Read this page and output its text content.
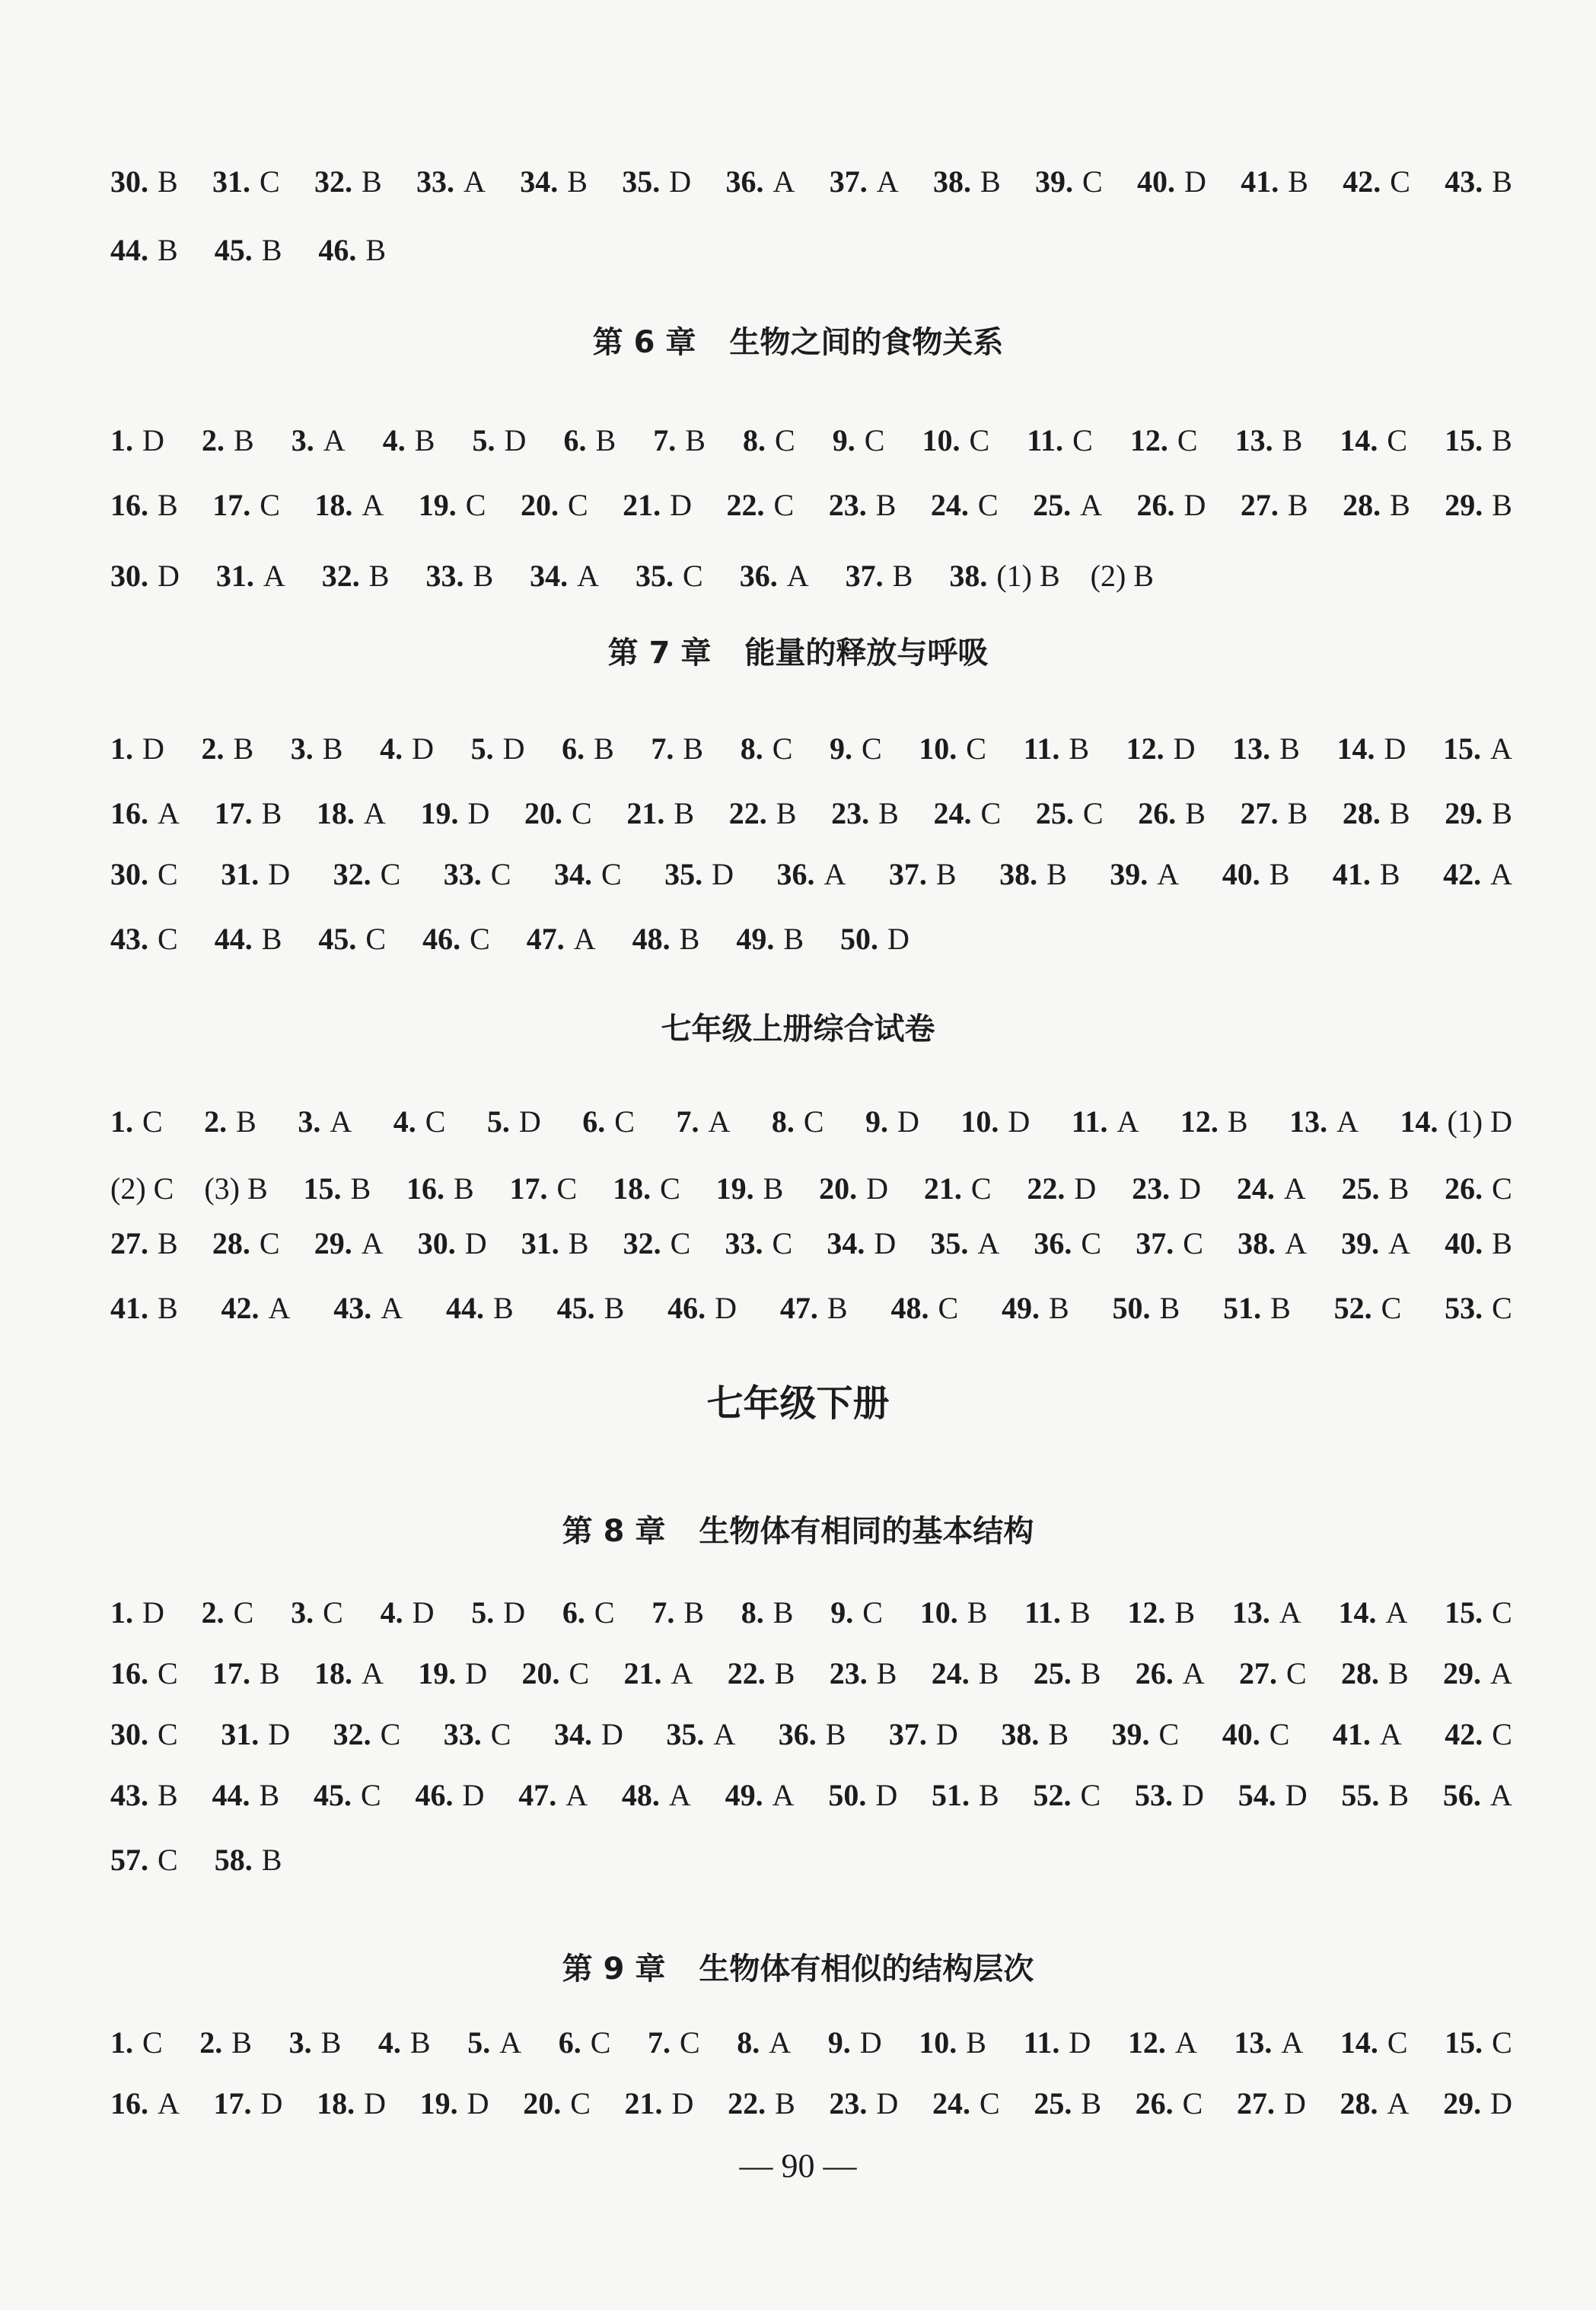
— 90 —
30. B 31. C 32. B 33. A 34. B 35. D 36. A 37. A 38. B 39. C 40. D 41. B 42. C 43. B
44. B 45. B 46. B
第 6 章 生物之间的食物关系
1. D 2. B 3. A 4. B 5. D 6. B 7. B 8. C 9. C 10. C 11. C 12. C 13. B 14. C 15. B
16. B 17. C 18. A 19. C 20. C 21. D 22. C 23. B 24. C 25. A 26. D 27. B 28. B 29. B
30. D 31. A 32. B 33. B 34. A 35. C 36. A 37. B 38. (1) B　(2) B
第 7 章 能量的释放与呼吸
1. D 2. B 3. B 4. D 5. D 6. B 7. B 8. C 9. C 10. C 11. B 12. D 13. B 14. D 15. A
16. A 17. B 18. A 19. D 20. C 21. B 22. B 23. B 24. C 25. C 26. B 27. B 28. B 29. B
30. C 31. D 32. C 33. C 34. C 35. D 36. A 37. B 38. B 39. A 40. B 41. B 42. A
43. C 44. B 45. C 46. C 47. A 48. B 49. B 50. D
七年级上册综合试卷
1. C 2. B 3. A 4. C 5. D 6. C 7. A 8. C 9. D 10. D 11. A 12. B 13. A 14. (1) D
(2) C　(3) B 15. B 16. B 17. C 18. C 19. B 20. D 21. C 22. D 23. D 24. A 25. B 26. C
27. B 28. C 29. A 30. D 31. B 32. C 33. C 34. D 35. A 36. C 37. C 38. A 39. A 40. B
41. B 42. A 43. A 44. B 45. B 46. D 47. B 48. C 49. B 50. B 51. B 52. C 53. C
七年级下册
第 8 章 生物体有相同的基本结构
1. D 2. C 3. C 4. D 5. D 6. C 7. B 8. B 9. C 10. B 11. B 12. B 13. A 14. A 15. C
16. C 17. B 18. A 19. D 20. C 21. A 22. B 23. B 24. B 25. B 26. A 27. C 28. B 29. A
30. C 31. D 32. C 33. C 34. D 35. A 36. B 37. D 38. B 39. C 40. C 41. A 42. C
43. B 44. B 45. C 46. D 47. A 48. A 49. A 50. D 51. B 52. C 53. D 54. D 55. B 56. A
57. C 58. B
第 9 章 生物体有相似的结构层次
1. C 2. B 3. B 4. B 5. A 6. C 7. C 8. A 9. D 10. B 11. D 12. A 13. A 14. C 15. C
16. A 17. D 18. D 19. D 20. C 21. D 22. B 23. D 24. C 25. B 26. C 27. D 28. A 29. D
